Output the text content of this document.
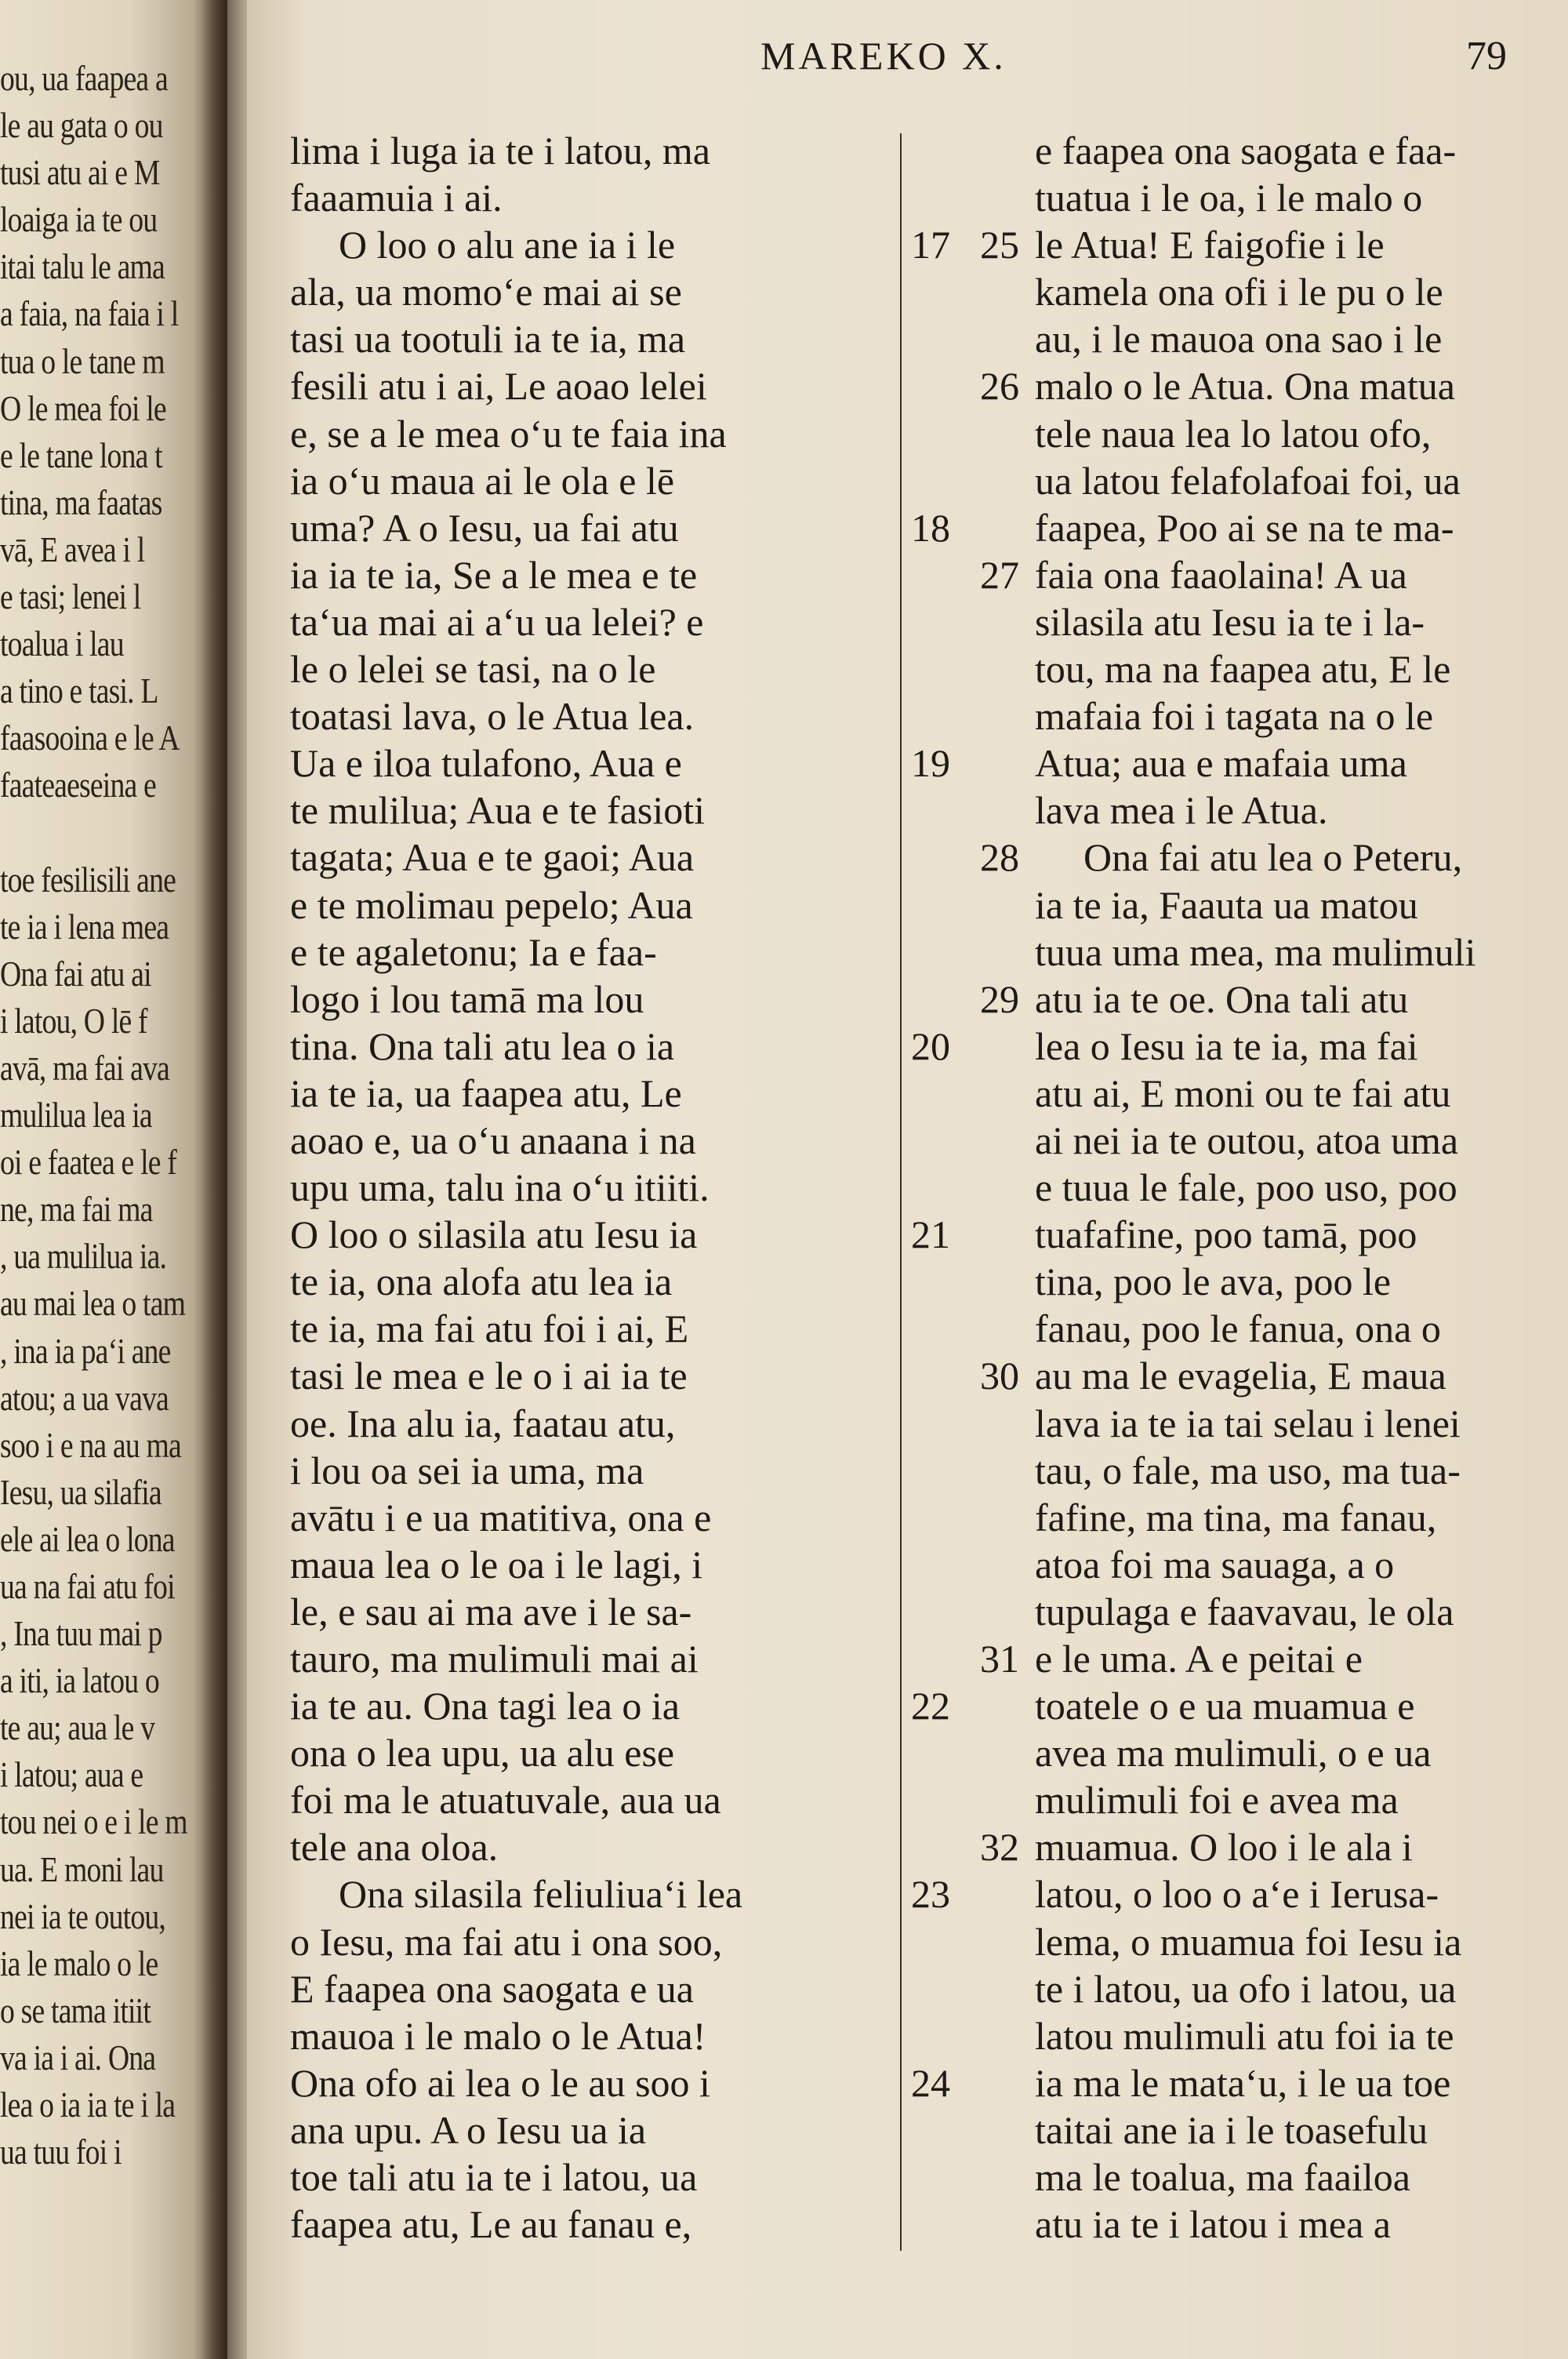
ou, ua faapea a
le au gata o ou
tusi atu ai e M
loaiga ia te ou
itai talu le ama
a faia, na faia i l
tua o le tane m
O le mea foi le
e le tane lona t
tina, ma faatas
vā, E avea i l
e tasi; lenei l
toalua i lau
a tino e tasi. L
faasooina e le A
faateaeseina e
toe fesilisili ane
te ia i lena mea
Ona fai atu ai
i latou, O lē f
avā, ma fai ava
mulilua lea ia
oi e faatea e le f
ne, ma fai ma
, ua mulilua ia.
au mai lea o tam
, ina ia paʻi ane
atou; a ua vava
soo i e na au ma
Iesu, ua silafia
ele ai lea o lona
ua na fai atu foi
, Ina tuu mai p
a iti, ia latou o
te au; aua le v
i latou; aua e
tou nei o e i le m
ua. E moni lau
nei ia te outou,
ia le malo o le
o se tama itiit
va ia i ai. Ona
lea o ia ia te i la
ua tuu foi i
MAREKO X.	79
lima i luga ia te i latou, ma
faaamuia i ai.
O loo o alu ane ia i le	17
ala, ua momoʻe mai ai se
tasi ua tootuli ia te ia, ma
fesili atu i ai, Le aoao lelei
e, se a le mea oʻu te faia ina
ia oʻu maua ai le ola e lē
uma? A o Iesu, ua fai atu	18
ia ia te ia, Se a le mea e te
taʻua mai ai aʻu ua lelei? e
le o lelei se tasi, na o le
toatasi lava, o le Atua lea.
Ua e iloa tulafono, Aua e	19
te mulilua; Aua e te fasioti
tagata; Aua e te gaoi; Aua
e te molimau pepelo; Aua
e te agaletonu; Ia e faa-
logo i lou tamā ma lou
tina. Ona tali atu lea o ia	20
ia te ia, ua faapea atu, Le
aoao e, ua oʻu anaana i na
upu uma, talu ina oʻu itiiti.
O loo o silasila atu Iesu ia	21
te ia, ona alofa atu lea ia
te ia, ma fai atu foi i ai, E
tasi le mea e le o i ai ia te
oe. Ina alu ia, faatau atu,
i lou oa sei ia uma, ma
avātu i e ua matitiva, ona e
maua lea o le oa i le lagi, i
le, e sau ai ma ave i le sa-
tauro, ma mulimuli mai ai
ia te au. Ona tagi lea o ia	22
ona o lea upu, ua alu ese
foi ma le atuatuvale, aua ua
tele ana oloa.
Ona silasila feliuliuaʻi lea	23
o Iesu, ma fai atu i ona soo,
E faapea ona saogata e ua
mauoa i le malo o le Atua!
Ona ofo ai lea o le au soo i	24
ana upu. A o Iesu ua ia
toe tali atu ia te i latou, ua
faapea atu, Le au fanau e,
e faapea ona saogata e faa-
tuatua i le oa, i le malo o
le Atua! E faigofie i le
25
kamela ona ofi i le pu o le
au, i le mauoa ona sao i le
malo o le Atua. Ona matua
26
tele naua lea lo latou ofo,
ua latou felafolafoai foi, ua
faapea, Poo ai se na te ma-
faia ona faaolaina! A ua
27
silasila atu Iesu ia te i la-
tou, ma na faapea atu, E le
mafaia foi i tagata na o le
Atua; aua e mafaia uma
lava mea i le Atua.
Ona fai atu lea o Peteru,
28
ia te ia, Faauta ua matou
tuua uma mea, ma mulimuli
atu ia te oe. Ona tali atu
29
lea o Iesu ia te ia, ma fai
atu ai, E moni ou te fai atu
ai nei ia te outou, atoa uma
e tuua le fale, poo uso, poo
tuafafine, poo tamā, poo
tina, poo le ava, poo le
fanau, poo le fanua, ona o
au ma le evagelia, E maua
30
lava ia te ia tai selau i lenei
tau, o fale, ma uso, ma tua-
fafine, ma tina, ma fanau,
atoa foi ma sauaga, a o
tupulaga e faavavau, le ola
e le uma. A e peitai e
31
toatele o e ua muamua e
avea ma mulimuli, o e ua
mulimuli foi e avea ma
muamua. O loo i le ala i
32
latou, o loo o aʻe i Ierusa-
lema, o muamua foi Iesu ia
te i latou, ua ofo i latou, ua
latou mulimuli atu foi ia te
ia ma le mataʻu, i le ua toe
taitai ane ia i le toasefulu
ma le toalua, ma faailoa
atu ia te i latou i mea a
